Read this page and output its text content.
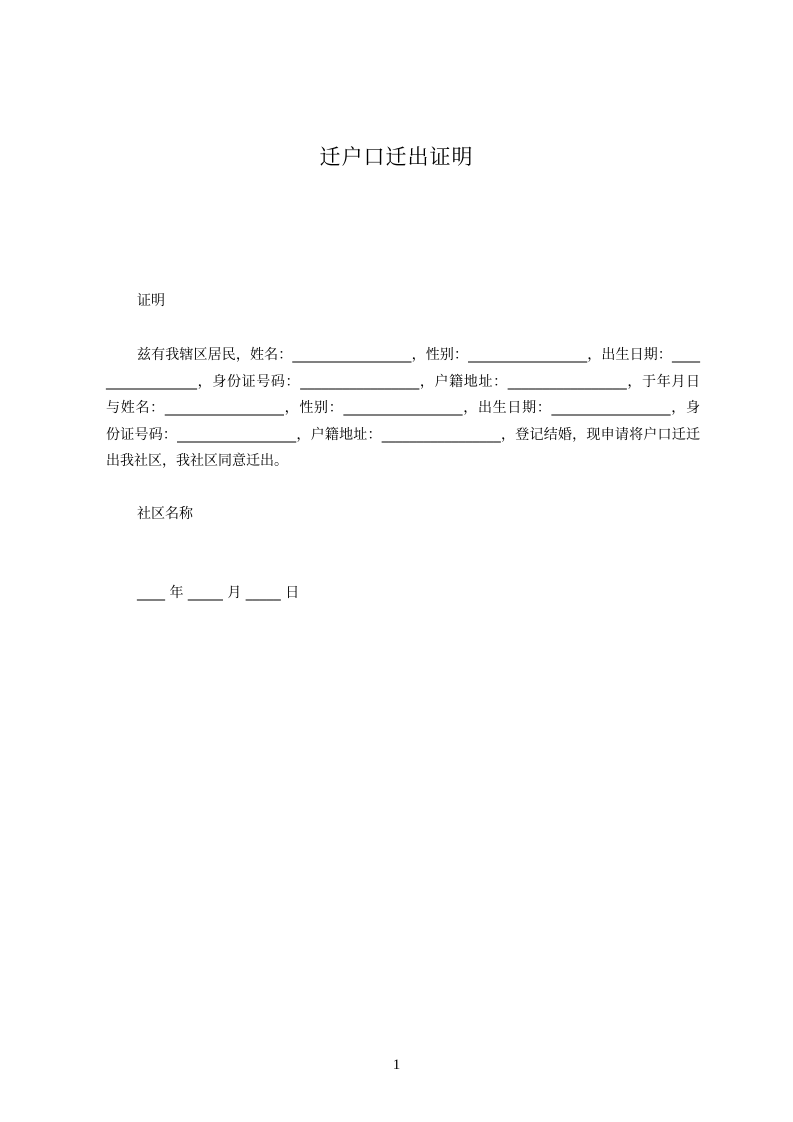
迁户口迁出证明
证明

兹有我辖区居民，姓名：_________________，性别：_________________，出生日期：_________________，身份证号码：_________________，户籍地址：_________________，于年月日与姓名：_________________，性别：_________________，出生日期：_________________，身份证号码：_________________，户籍地址：_________________，登记结婚，现申请将户口迁迁出我社区，我社区同意迁出。

社区名称
____ 年 _____ 月 _____ 日
1
